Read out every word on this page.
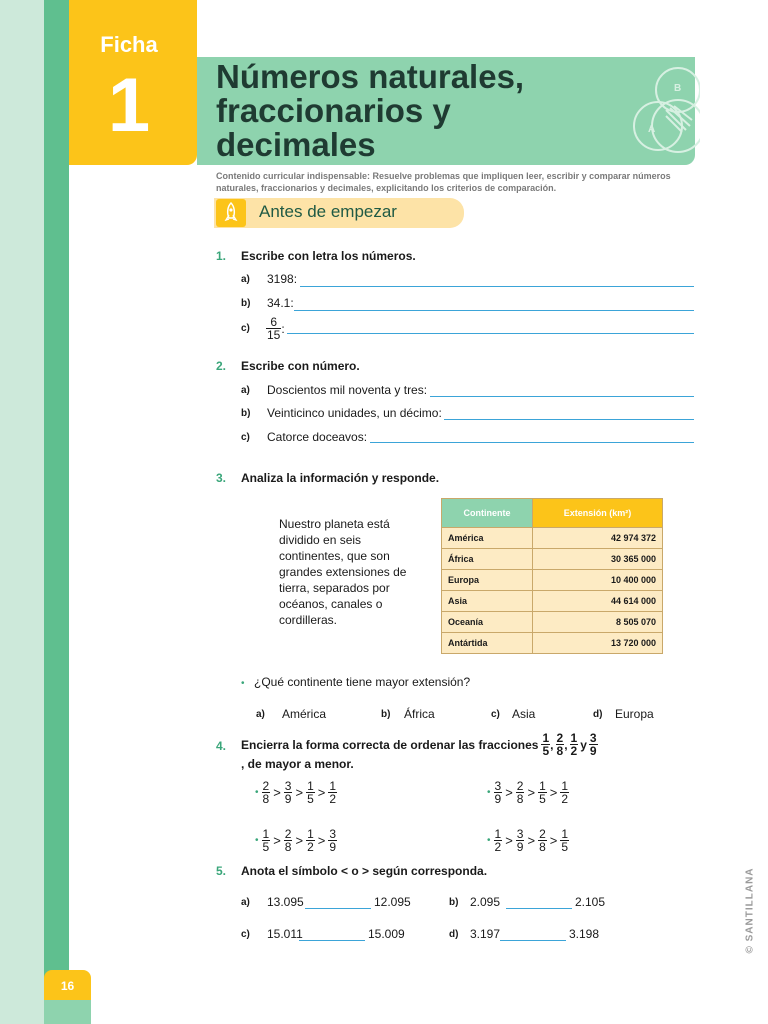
Ficha
1	Números naturales,
fraccionarios y
decimales
B
A
Contenido curricular indispensable: Resuelve problemas que impliquen leer, escribir y comparar números naturales, fraccionarios y decimales, explicitando los criterios de comparación.
Antes de empezar
1. Escribe con letra los números.
a) 3198:
b) 34.1:
$c) \frac{6}{15}$ :
2. Escribe con número.
a) Doscientos mil noventa y tres:
b) Veinticinco unidades, un décimo:
c) Catorce doceavos:
3. Analiza la información y responde.
Nuestro planeta está dividido en seis continentes, que son grandes extensiones de tierra, separados por océanos, canales o cordilleras.
Continente	Extensión (km²)
América	42 974 372
África	30 365 000
Europa	10 400 000
Asia	44 614 000
Oceanía	8 505 070
Antártida	13 720 000
• ¿Qué continente tiene mayor extensión?
a) América	b) África	c) Asia	d) Europa
4. Encierra la forma correcta de ordenar las fracciones $\frac{1}{5}$ , $\frac{2}{8}$ , $\frac{1}{2}$ y $\frac{3}{9}$
, de mayor a menor.
• $\frac{2}{8} > \frac{3}{9} > \frac{1}{5} > \frac{1}{2}$	• $\frac{3}{9} > \frac{2}{8} > \frac{1}{5} > \frac{1}{2}$
• $\frac{1}{5} > \frac{2}{8} > \frac{1}{2} > \frac{3}{9}$	• $\frac{1}{2} > \frac{3}{9} > \frac{2}{8} > \frac{1}{5}$
5. Anota el símbolo < o > según corresponda.
a) 13.095	12.095	b) 2.095	2.105
c) 15.011	15.009	d) 3.197	3.198
16
© SANTILLANA
